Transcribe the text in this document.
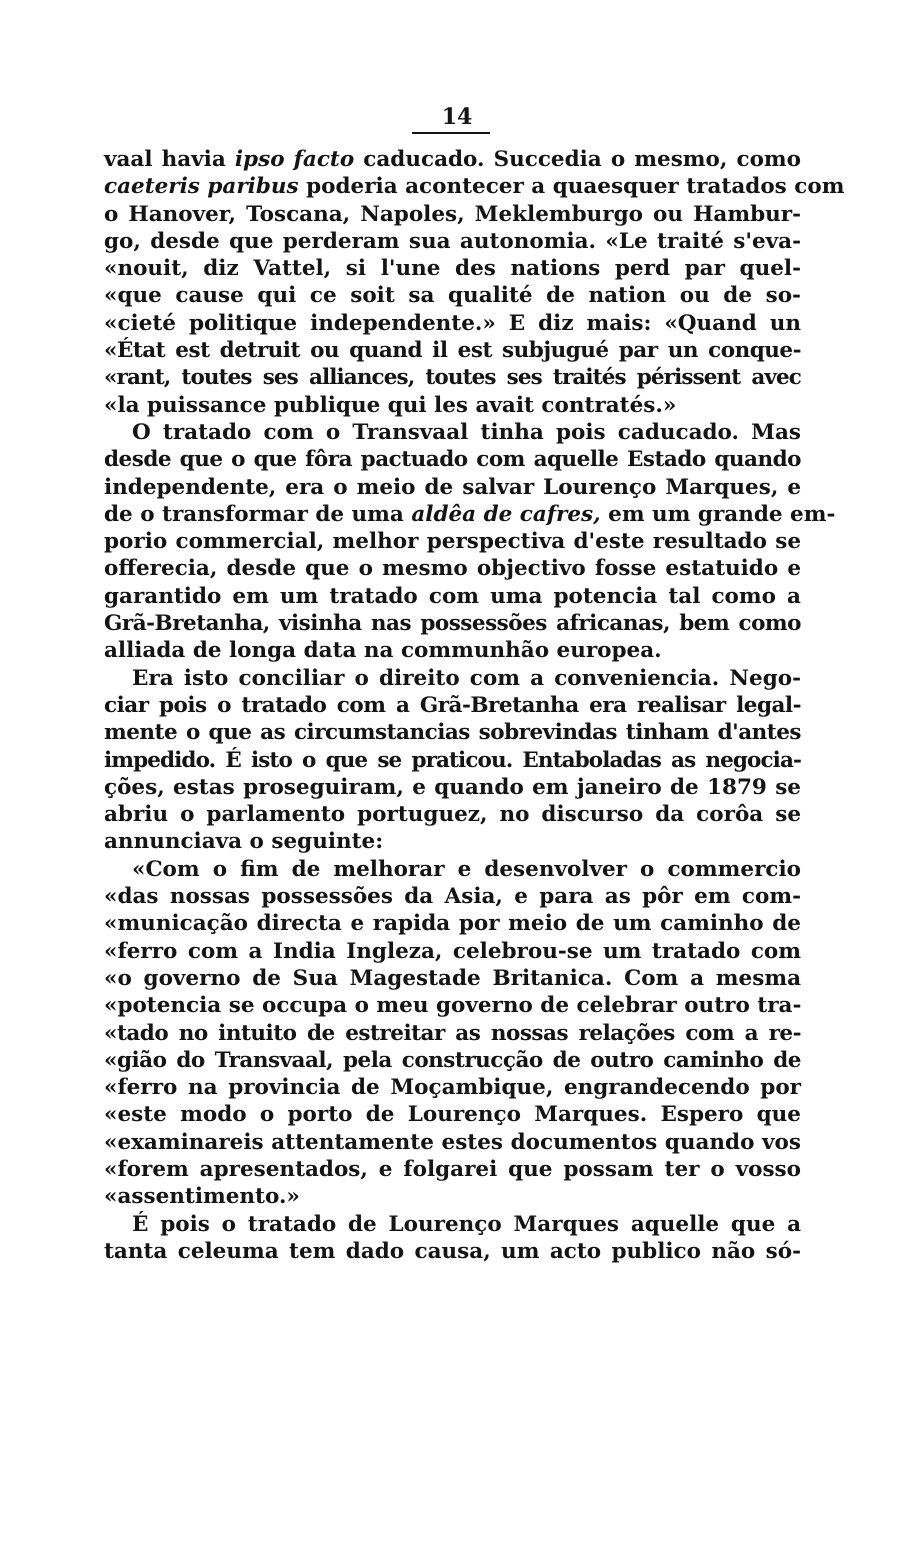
14
vaal havia ipso facto caducado. Succedia o mesmo, como
caeteris paribus poderia acontecer a quaesquer tratados com
o Hanover, Toscana, Napoles, Meklemburgo ou Hambur-
go, desde que perderam sua autonomia. «Le traité s'eva-
«nouit, diz Vattel, si l'une des nations perd par quel-
«que cause qui ce soit sa qualité de nation ou de so-
«cieté politique independente.» E diz mais: «Quand un
«État est detruit ou quand il est subjugué par un conque-
«rant, toutes ses alliances, toutes ses traités périssent avec
«la puissance publique qui les avait contratés.»
O tratado com o Transvaal tinha pois caducado. Mas
desde que o que fôra pactuado com aquelle Estado quando
independente, era o meio de salvar Lourenço Marques, e
de o transformar de uma aldêa de cafres, em um grande em-
porio commercial, melhor perspectiva d'este resultado se
offerecia, desde que o mesmo objectivo fosse estatuido e
garantido em um tratado com uma potencia tal como a
Grã-Bretanha, visinha nas possessões africanas, bem como
alliada de longa data na communhão europea.
Era isto conciliar o direito com a conveniencia. Nego-
ciar pois o tratado com a Grã-Bretanha era realisar legal-
mente o que as circumstancias sobrevindas tinham d'antes
impedido. É isto o que se praticou. Entaboladas as negocia-
ções, estas proseguiram, e quando em janeiro de 1879 se
abriu o parlamento portuguez, no discurso da corôa se
annunciava o seguinte:
«Com o fim de melhorar e desenvolver o commercio
«das nossas possessões da Asia, e para as pôr em com-
«municação directa e rapida por meio de um caminho de
«ferro com a India Ingleza, celebrou-se um tratado com
«o governo de Sua Magestade Britanica. Com a mesma
«potencia se occupa o meu governo de celebrar outro tra-
«tado no intuito de estreitar as nossas relações com a re-
«gião do Transvaal, pela construcção de outro caminho de
«ferro na provincia de Moçambique, engrandecendo por
«este modo o porto de Lourenço Marques. Espero que
«examinareis attentamente estes documentos quando vos
«forem apresentados, e folgarei que possam ter o vosso
«assentimento.»
É pois o tratado de Lourenço Marques aquelle que a
tanta celeuma tem dado causa, um acto publico não só-
